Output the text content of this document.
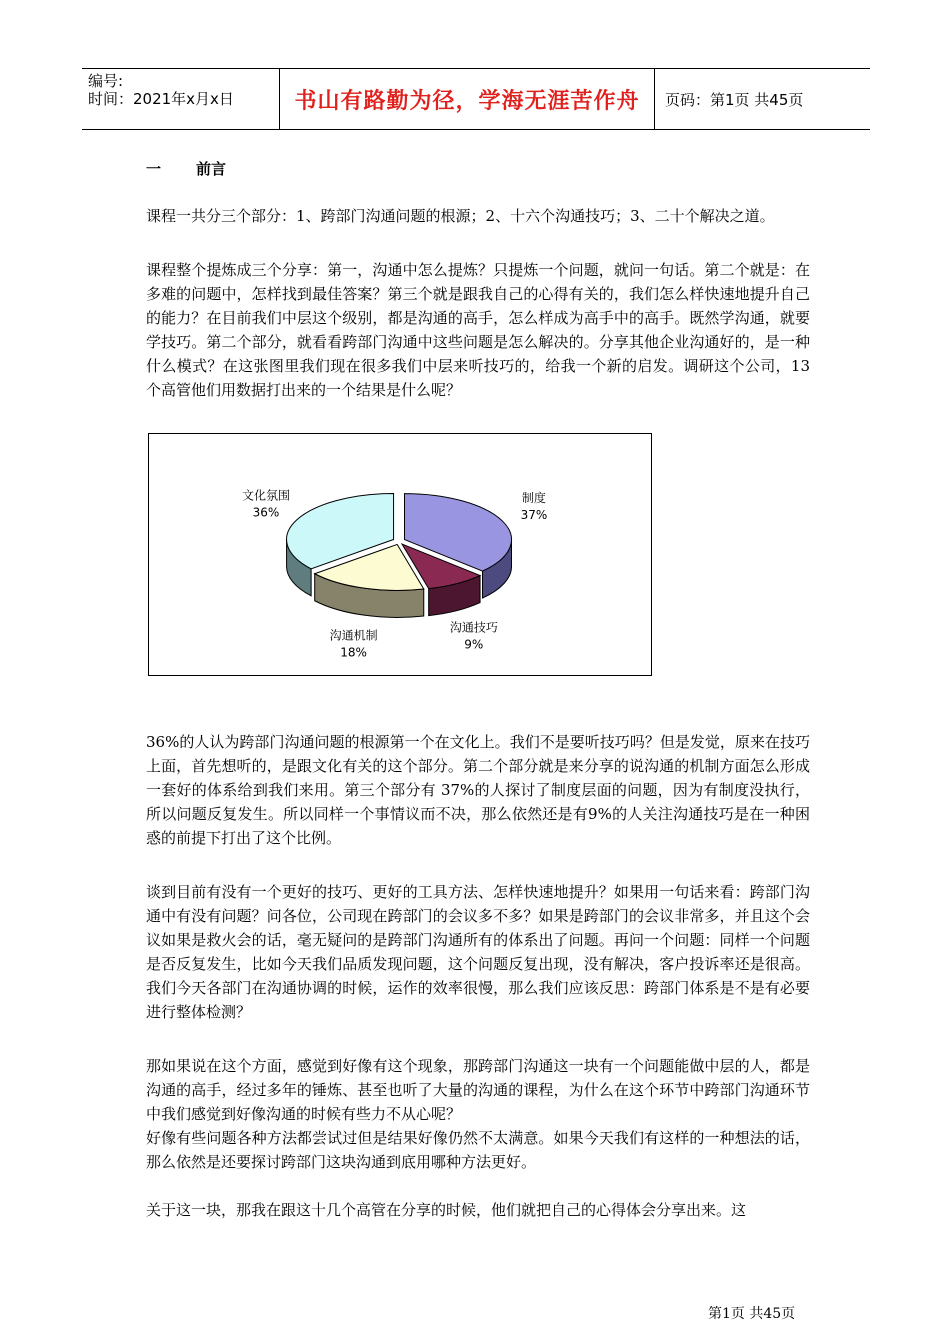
编号:
时间：2021年x月x日	书山有路勤为径，学海无涯苦作舟	页码：第1页 共45页
一 前言

课程一共分三个部分：1、跨部门沟通问题的根源；2、十六个沟通技巧；3、二十个解决之道。

课程整个提炼成三个分享：第一，沟通中怎么提炼？只提炼一个问题，就问一句话。第二个就是：在多难的问题中，怎样找到最佳答案？第三个就是跟我自己的心得有关的，我们怎么样快速地提升自己的能力？在目前我们中层这个级别，都是沟通的高手，怎么样成为高手中的高手。既然学沟通，就要学技巧。第二个部分，就看看跨部门沟通中这些问题是怎么解决的。分享其他企业沟通好的，是一种什么模式？在这张图里我们现在很多我们中层来听技巧的，给我一个新的启发。调研这个公司，13个高管他们用数据打出来的一个结果是什么呢？

制度 37%
沟通技巧 9%
沟通机制 18%
文化氛围 36%

36%的人认为跨部门沟通问题的根源第一个在文化上。我们不是要听技巧吗？但是发觉，原来在技巧上面，首先想听的，是跟文化有关的这个部分。第二个部分就是来分享的说沟通的机制方面怎么形成一套好的体系给到我们来用。第三个部分有 37%的人探讨了制度层面的问题，因为有制度没执行，所以问题反复发生。所以同样一个事情议而不决，那么依然还是有9%的人关注沟通技巧是在一种困惑的前提下打出了这个比例。

谈到目前有没有一个更好的技巧、更好的工具方法、怎样快速地提升？如果用一句话来看：跨部门沟通中有没有问题？问各位，公司现在跨部门的会议多不多？如果是跨部门的会议非常多，并且这个会议如果是救火会的话，毫无疑问的是跨部门沟通所有的体系出了问题。再问一个问题：同样一个问题是否反复发生，比如今天我们品质发现问题，这个问题反复出现，没有解决，客户投诉率还是很高。我们今天各部门在沟通协调的时候，运作的效率很慢，那么我们应该反思：跨部门体系是不是有必要进行整体检测？

那如果说在这个方面，感觉到好像有这个现象，那跨部门沟通这一块有一个问题能做中层的人，都是沟通的高手，经过多年的锤炼、甚至也听了大量的沟通的课程，为什么在这个环节中跨部门沟通环节中我们感觉到好像沟通的时候有些力不从心呢？

好像有些问题各种方法都尝试过但是结果好像仍然不太满意。如果今天我们有这样的一种想法的话，那么依然是还要探讨跨部门这块沟通到底用哪种方法更好。

关于这一块，那我在跟这十几个高管在分享的时候，他们就把自己的心得体会分享出来。这

第1页 共45页
